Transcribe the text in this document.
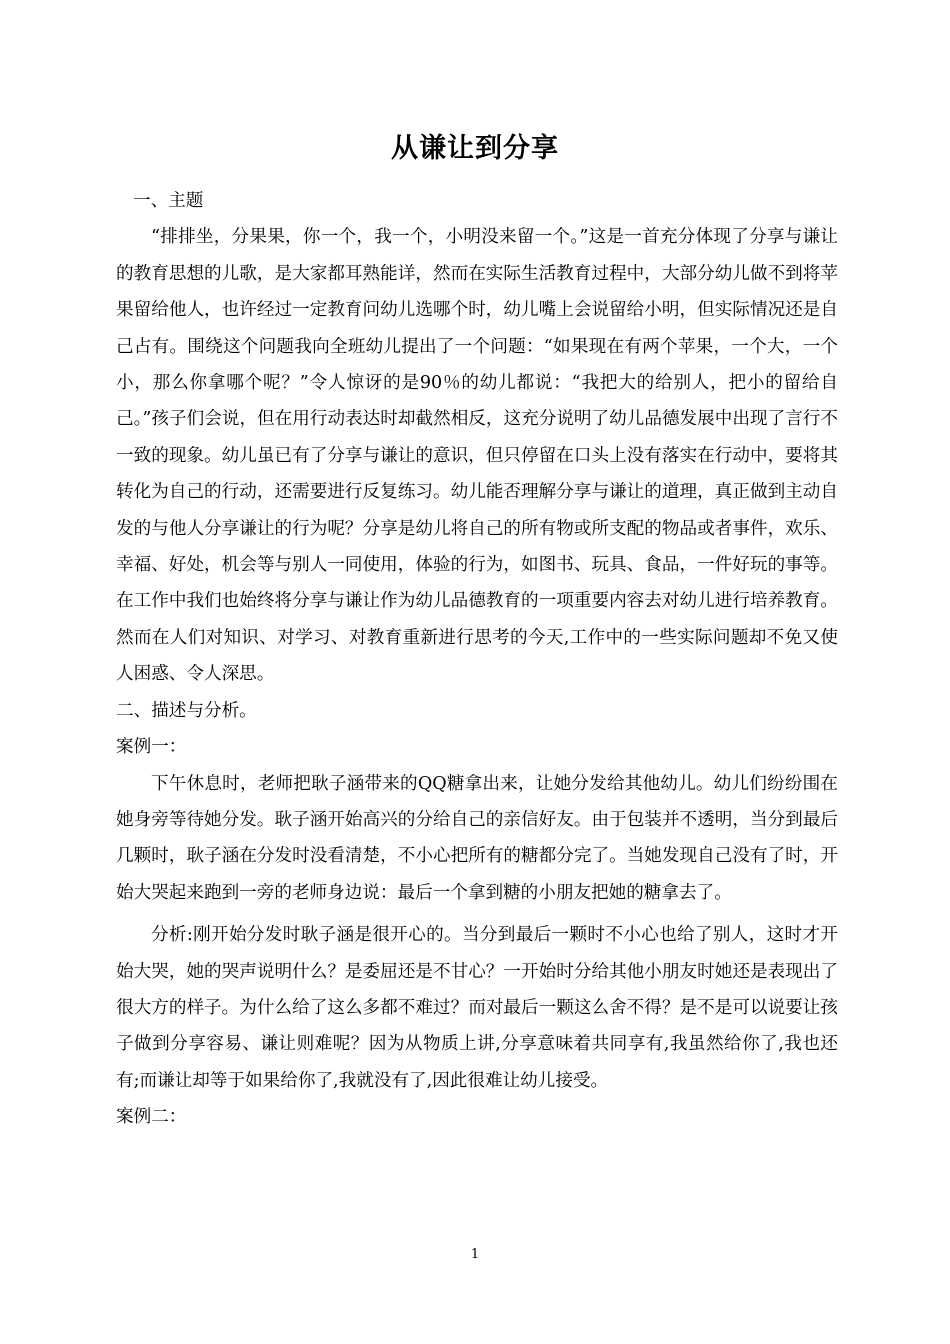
从谦让到分享

一、主题

“排排坐，分果果，你一个，我一个，小明没来留一个。”这是一首充分体现了分享与谦让的教育思想的儿歌，是大家都耳熟能详，然而在实际生活教育过程中，大部分幼儿做不到将苹果留给他人，也许经过一定教育问幼儿选哪个时，幼儿嘴上会说留给小明，但实际情况还是自己占有。围绕这个问题我向全班幼儿提出了一个问题：“如果现在有两个苹果，一个大，一个小，那么你拿哪个呢？”令人惊讶的是90％的幼儿都说：“我把大的给别人，把小的留给自己。”孩子们会说，但在用行动表达时却截然相反，这充分说明了幼儿品德发展中出现了言行不一致的现象。幼儿虽已有了分享与谦让的意识，但只停留在口头上没有落实在行动中，要将其转化为自己的行动，还需要进行反复练习。幼儿能否理解分享与谦让的道理，真正做到主动自发的与他人分享谦让的行为呢？分享是幼儿将自己的所有物或所支配的物品或者事件，欢乐、幸福、好处，机会等与别人一同使用，体验的行为，如图书、玩具、食品，一件好玩的事等。在工作中我们也始终将分享与谦让作为幼儿品德教育的一项重要内容去对幼儿进行培养教育。然而在人们对知识、对学习、对教育重新进行思考的今天,工作中的一些实际问题却不免又使人困惑、令人深思。

二、描述与分析。

案例一：

下午休息时，老师把耿子涵带来的QQ糖拿出来，让她分发给其他幼儿。幼儿们纷纷围在她身旁等待她分发。耿子涵开始高兴的分给自己的亲信好友。由于包装并不透明，当分到最后几颗时，耿子涵在分发时没看清楚，不小心把所有的糖都分完了。当她发现自己没有了时，开始大哭起来跑到一旁的老师身边说：最后一个拿到糖的小朋友把她的糖拿去了。

分析:刚开始分发时耿子涵是很开心的。当分到最后一颗时不小心也给了别人，这时才开始大哭，她的哭声说明什么？是委屈还是不甘心？一开始时分给其他小朋友时她还是表现出了很大方的样子。为什么给了这么多都不难过？而对最后一颗这么舍不得？是不是可以说要让孩子做到分享容易、谦让则难呢？因为从物质上讲,分享意味着共同享有,我虽然给你了,我也还有;而谦让却等于如果给你了,我就没有了,因此很难让幼儿接受。

案例二：

1
